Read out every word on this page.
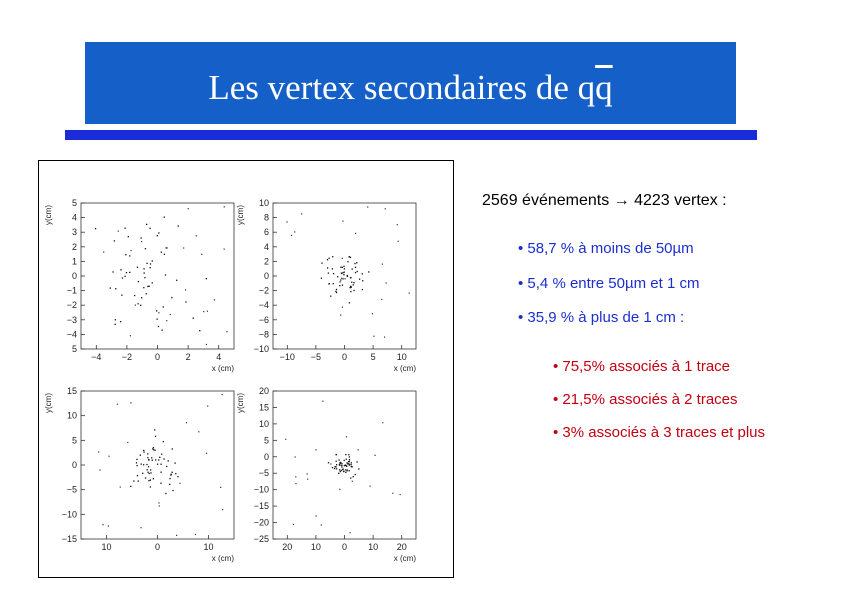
Les vertex secondaires de $q\overline{q}$
−4 −2	0	2	4
5
4
3
2
1
0
−1
−2
−3
−4
5
x (cm)
y(cm)
−10 −5 0	5 10
10
8
6
4
2
0
−2
−4
−6
−8
−10
x (cm)
y(cm)
10	0	10
15
10
5
0
−5
−10
−15
x (cm)
y(cm)
20 10 0 10 20
20
15
10
5
0
−5
−10
−15
−20
−25
x (cm)
y(cm)
2569 événements → 4223 vertex :
• 58,7 % à moins de 50µm
• 5,4 % entre 50µm et 1 cm
• 35,9 % à plus de 1 cm :
• 75,5% associés à 1 trace
• 21,5% associés à 2 traces
• 3% associés à 3 traces et plus
